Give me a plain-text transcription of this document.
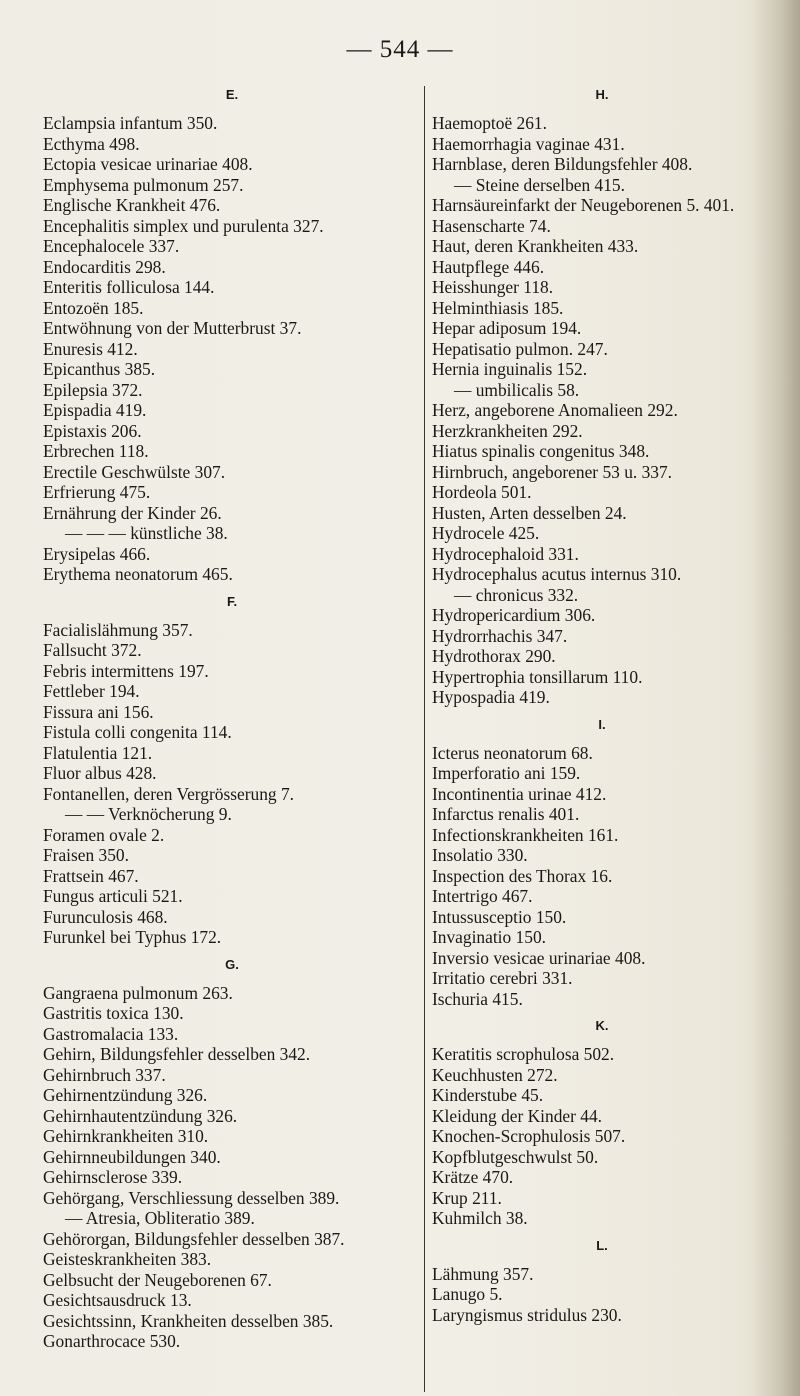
— 544 —
E.
Eclampsia infantum 350.
Ecthyma 498.
Ectopia vesicae urinariae 408.
Emphysema pulmonum 257.
Englische Krankheit 476.
Encephalitis simplex und purulenta 327.
Encephalocele 337.
Endocarditis 298.
Enteritis folliculosa 144.
Entozoën 185.
Entwöhnung von der Mutterbrust 37.
Enuresis 412.
Epicanthus 385.
Epilepsia 372.
Epispadia 419.
Epistaxis 206.
Erbrechen 118.
Erectile Geschwülste 307.
Erfrierung 475.
Ernährung der Kinder 26.
— — — künstliche 38.
Erysipelas 466.
Erythema neonatorum 465.
F.
Facialislähmung 357.
Fallsucht 372.
Febris intermittens 197.
Fettleber 194.
Fissura ani 156.
Fistula colli congenita 114.
Flatulentia 121.
Fluor albus 428.
Fontanellen, deren Vergrösserung 7.
— — Verknöcherung 9.
Foramen ovale 2.
Fraisen 350.
Frattsein 467.
Fungus articuli 521.
Furunculosis 468.
Furunkel bei Typhus 172.
G.
Gangraena pulmonum 263.
Gastritis toxica 130.
Gastromalacia 133.
Gehirn, Bildungsfehler desselben 342.
Gehirnbruch 337.
Gehirnentzündung 326.
Gehirnhautentzündung 326.
Gehirnkrankheiten 310.
Gehirnneubildungen 340.
Gehirnsclerose 339.
Gehörgang, Verschliessung desselben 389.
— Atresia, Obliteratio 389.
Gehörorgan, Bildungsfehler desselben 387.
Geisteskrankheiten 383.
Gelbsucht der Neugeborenen 67.
Gesichtsausdruck 13.
Gesichtssinn, Krankheiten desselben 385.
Gonarthrocace 530.
H.
Haemoptoë 261.
Haemorrhagia vaginae 431.
Harnblase, deren Bildungsfehler 408.
— Steine derselben 415.
Harnsäureinfarkt der Neugeborenen 5. 401.
Hasenscharte 74.
Haut, deren Krankheiten 433.
Hautpflege 446.
Heisshunger 118.
Helminthiasis 185.
Hepar adiposum 194.
Hepatisatio pulmon. 247.
Hernia inguinalis 152.
— umbilicalis 58.
Herz, angeborene Anomalieen 292.
Herzkrankheiten 292.
Hiatus spinalis congenitus 348.
Hirnbruch, angeborener 53 u. 337.
Hordeola 501.
Husten, Arten desselben 24.
Hydrocele 425.
Hydrocephaloid 331.
Hydrocephalus acutus internus 310.
— chronicus 332.
Hydropericardium 306.
Hydrorrhachis 347.
Hydrothorax 290.
Hypertrophia tonsillarum 110.
Hypospadia 419.
I.
Icterus neonatorum 68.
Imperforatio ani 159.
Incontinentia urinae 412.
Infarctus renalis 401.
Infectionskrankheiten 161.
Insolatio 330.
Inspection des Thorax 16.
Intertrigo 467.
Intussusceptio 150.
Invaginatio 150.
Inversio vesicae urinariae 408.
Irritatio cerebri 331.
Ischuria 415.
K.
Keratitis scrophulosa 502.
Keuchhusten 272.
Kinderstube 45.
Kleidung der Kinder 44.
Knochen-Scrophulosis 507.
Kopfblutgeschwulst 50.
Krätze 470.
Krup 211.
Kuhmilch 38.
L.
Lähmung 357.
Lanugo 5.
Laryngismus stridulus 230.
